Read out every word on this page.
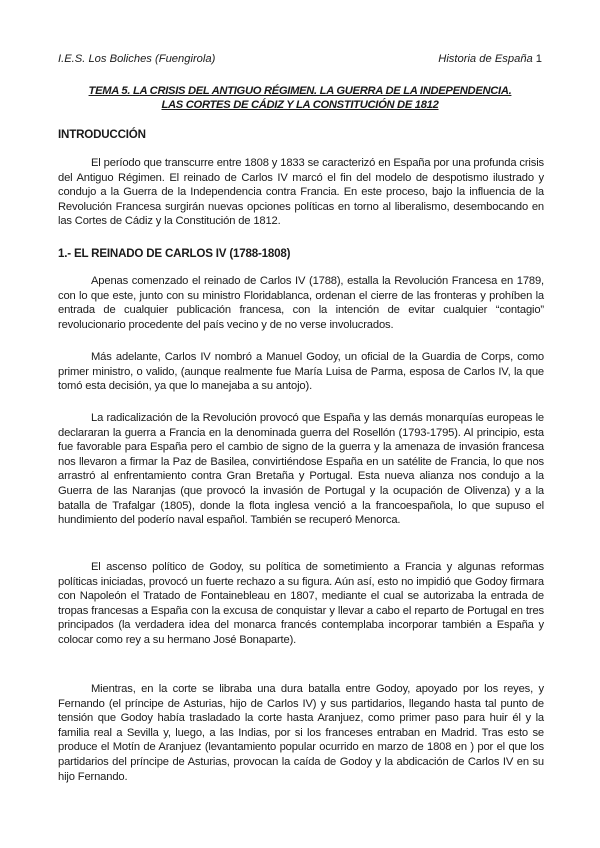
I.E.S. Los Boliches (Fuengirola)	Historia de España 1
TEMA 5. LA CRISIS DEL ANTIGUO RÉGIMEN. LA GUERRA DE LA INDEPENDENCIA.
LAS CORTES DE CÁDIZ Y LA CONSTITUCIÓN DE 1812
INTRODUCCIÓN

El período que transcurre entre 1808 y 1833 se caracterizó en España por una profunda crisis del Antiguo Régimen. El reinado de Carlos IV marcó el fin del modelo de despotismo ilustrado y condujo a la Guerra de la Independencia contra Francia. En este proceso, bajo la influencia de la Revolución Francesa surgirán nuevas opciones políticas en torno al liberalismo, desembocando en las Cortes de Cádiz y la Constitución de 1812.

1.- EL REINADO DE CARLOS IV (1788-1808)

Apenas comenzado el reinado de Carlos IV (1788), estalla la Revolución Francesa en 1789, con lo que este, junto con su ministro Floridablanca, ordenan el cierre de las fronteras y prohíben la entrada de cualquier publicación francesa, con la intención de evitar cualquier “contagio” revolucionario procedente del país vecino y de no verse involucrados.

Más adelante, Carlos IV nombró a Manuel Godoy, un oficial de la Guardia de Corps, como primer ministro, o valido, (aunque realmente fue María Luisa de Parma, esposa de Carlos IV, la que tomó esta decisión, ya que lo manejaba a su antojo).

La radicalización de la Revolución provocó que España y las demás monarquías europeas le declararan la guerra a Francia en la denominada guerra del Rosellón (1793-1795). Al principio, esta fue favorable para España pero el cambio de signo de la guerra y la amenaza de invasión francesa nos llevaron a firmar la Paz de Basilea, convirtiéndose España en un satélite de Francia, lo que nos arrastró al enfrentamiento contra Gran Bretaña y Portugal. Esta nueva alianza nos condujo a la Guerra de las Naranjas (que provocó la invasión de Portugal y la ocupación de Olivenza) y a la batalla de Trafalgar (1805), donde la flota inglesa venció a la francoespañola, lo que supuso el hundimiento del poderío naval español. También se recuperó Menorca.

El ascenso político de Godoy, su política de sometimiento a Francia y algunas reformas políticas iniciadas, provocó un fuerte rechazo a su figura. Aún así, esto no impidió que Godoy firmara con Napoleón el Tratado de Fontainebleau en 1807, mediante el cual se autorizaba la entrada de tropas francesas a España con la excusa de conquistar y llevar a cabo el reparto de Portugal en tres principados (la verdadera idea del monarca francés contemplaba incorporar también a España y colocar como rey a su hermano José Bonaparte).

Mientras, en la corte se libraba una dura batalla entre Godoy, apoyado por los reyes, y Fernando (el príncipe de Asturias, hijo de Carlos IV) y sus partidarios, llegando hasta tal punto de tensión que Godoy había trasladado la corte hasta Aranjuez, como primer paso para huir él y la familia real a Sevilla y, luego, a las Indias, por si los franceses entraban en Madrid. Tras esto se produce el Motín de Aranjuez (levantamiento popular ocurrido en marzo de 1808 en ) por el que los partidarios del príncipe de Asturias, provocan la caída de Godoy y la abdicación de Carlos IV en su hijo Fernando.
